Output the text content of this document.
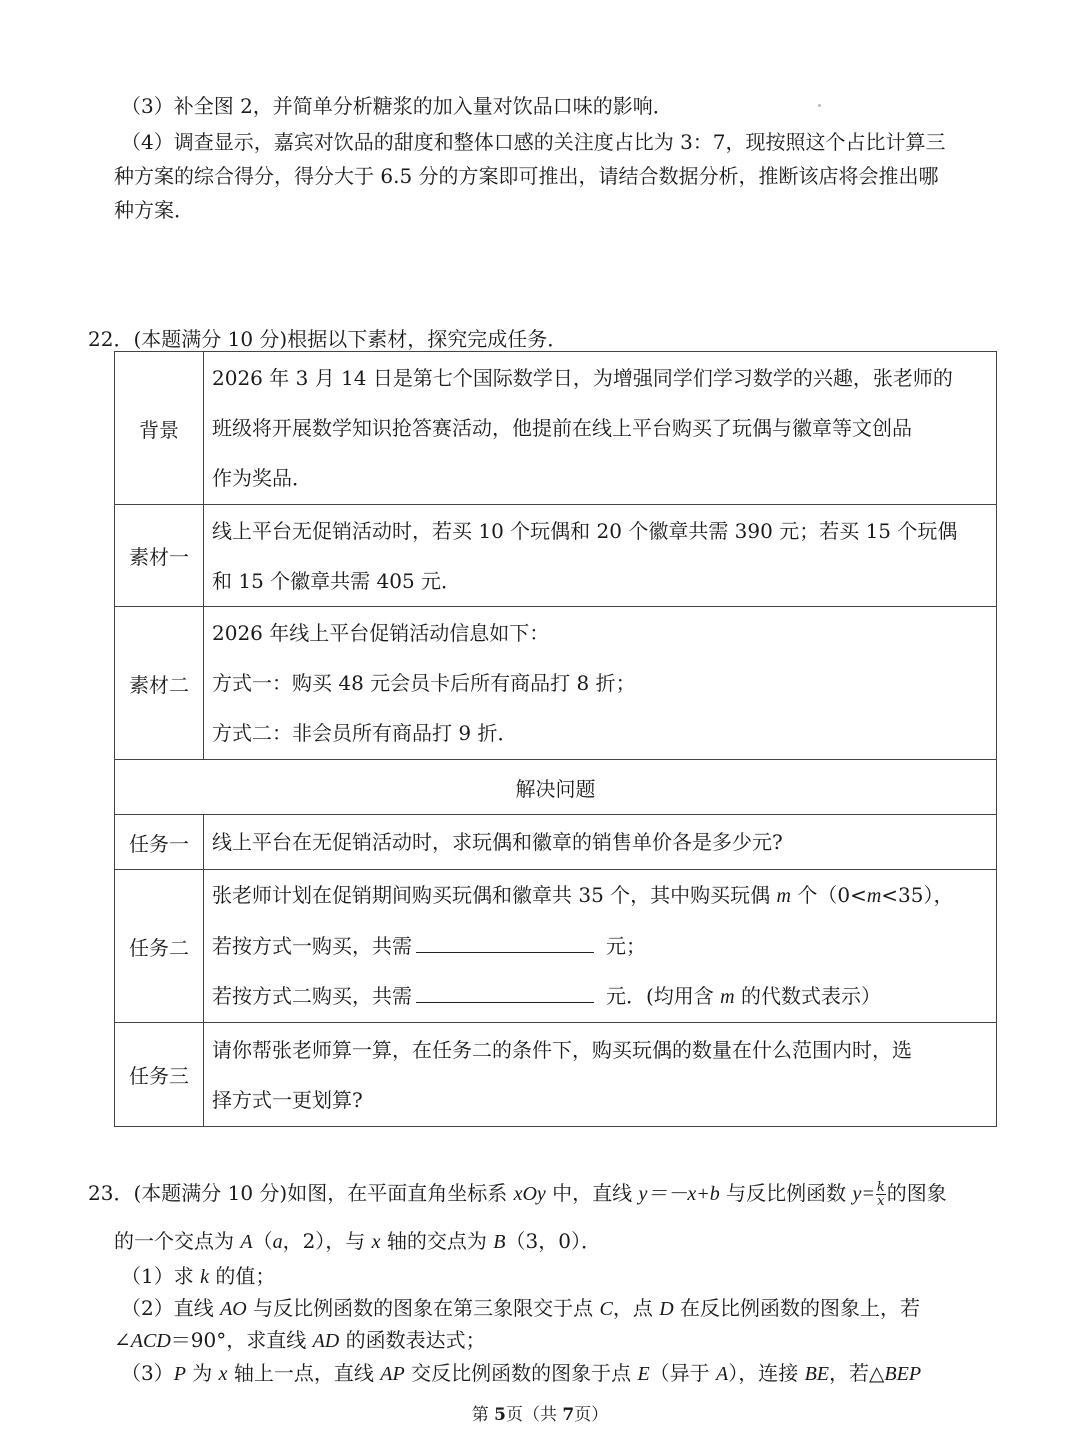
（3）补全图 2，并简单分析糖浆的加入量对饮品口味的影响．
（4）调查显示，嘉宾对饮品的甜度和整体口感的关注度占比为 3：7，现按照这个占比计算三
种方案的综合得分，得分大于 6.5 分的方案即可推出，请结合数据分析，推断该店将会推出哪
种方案．
22．(本题满分 10 分)根据以下素材，探究完成任务．
背景	2026 年 3 月 14 日是第七个国际数学日，为增强同学们学习数学的兴趣，张老师的
班级将开展数学知识抢答赛活动，他提前在线上平台购买了玩偶与徽章等文创品
作为奖品．

素材一	线上平台无促销活动时，若买 10 个玩偶和 20 个徽章共需 390 元；若买 15 个玩偶
和 15 个徽章共需 405 元．

素材二	2026 年线上平台促销活动信息如下：
方式一：购买 48 元会员卡后所有商品打 8 折；
方式二：非会员所有商品打 9 折．

解决问题	
任务一	线上平台在无促销活动时，求玩偶和徽章的销售单价各是多少元?
任务二	张老师计划在促销期间购买玩偶和徽章共 35 个，其中购买玩偶 m 个（0<m<35），
若按方式一购买，共需 元；
若按方式二购买，共需 元．(均用含 m 的代数式表示）

任务三	请你帮张老师算一算，在任务二的条件下，购买玩偶的数量在什么范围内时，选
择方式一更划算?
23．(本题满分 10 分)如图，在平面直角坐标系 xOy 中，直线 y＝－x+b 与反比例函数 $y= \frac{k}{x}$ 的图象
的一个交点为 A（a，2），与 x 轴的交点为 B（3，0）．
（1）求 k 的值；
（2）直线 AO 与反比例函数的图象在第三象限交于点 C，点 D 在反比例函数的图象上，若
∠ACD＝90°，求直线 AD 的函数表达式；
（3）P 为 x 轴上一点，直线 AP 交反比例函数的图象于点 E（异于 A），连接 BE，若△BEP
第 5页（共 7页）
